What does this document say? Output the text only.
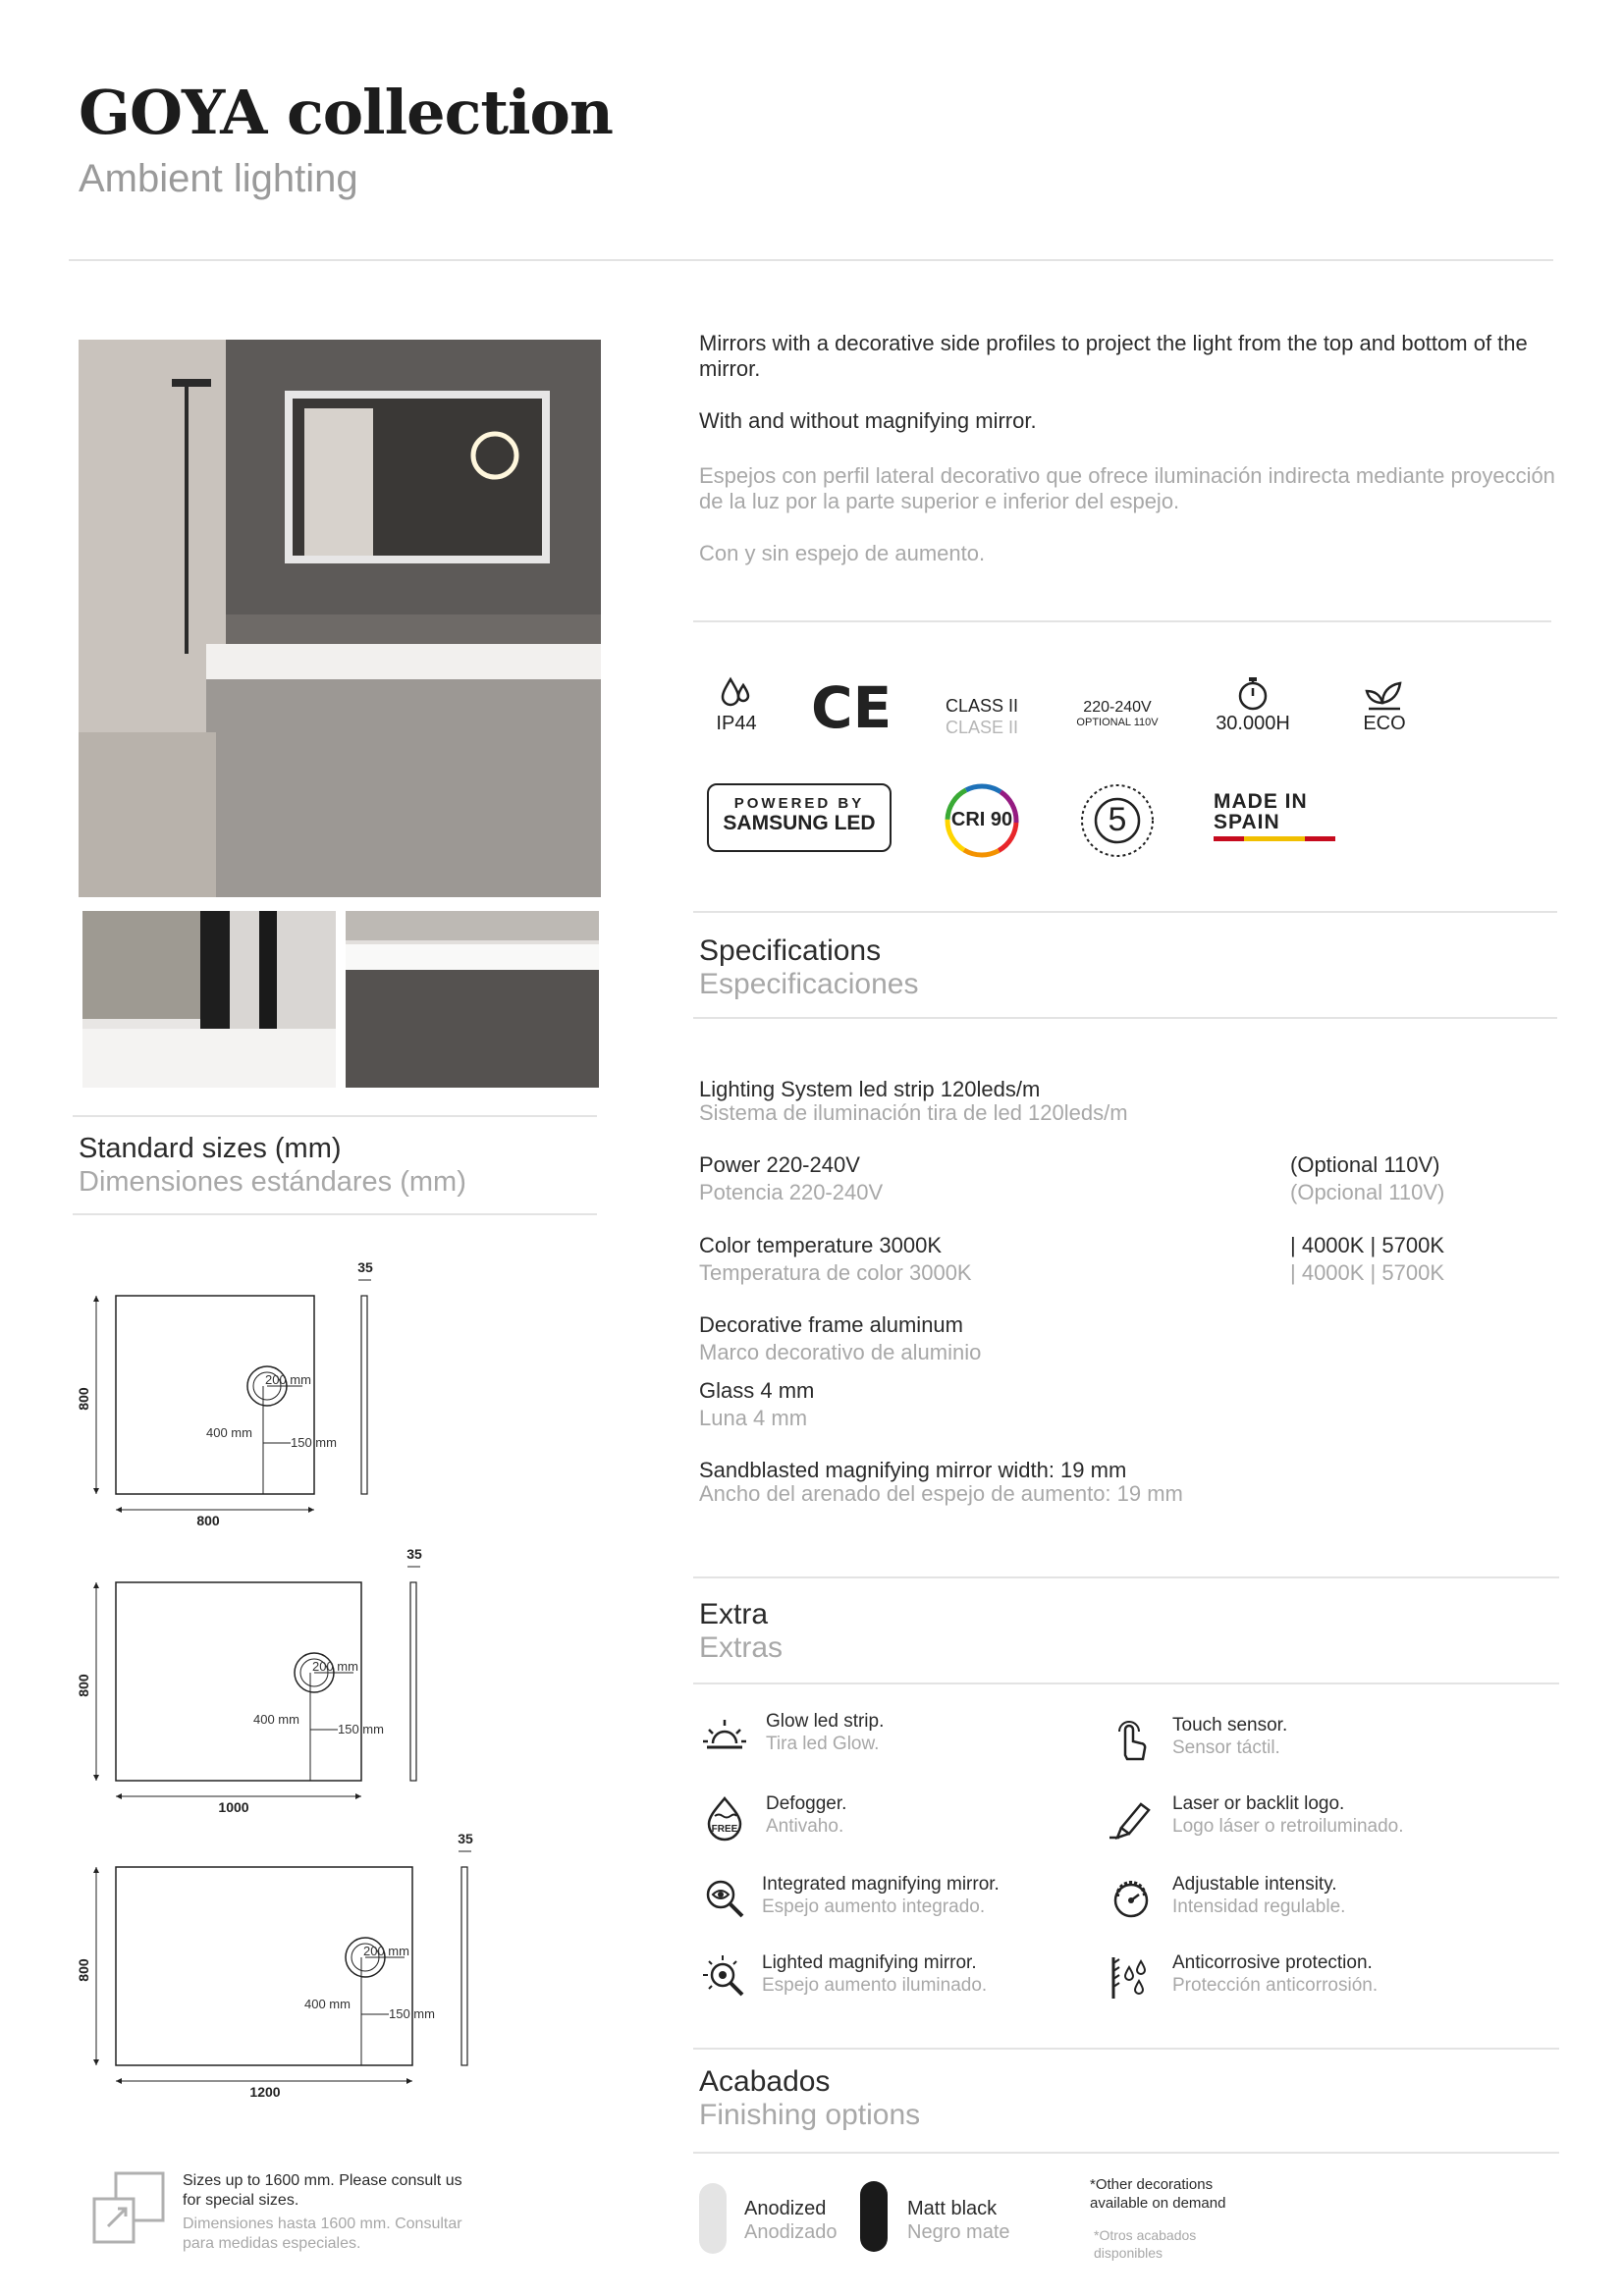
GOYA collection
Ambient lighting
Mirrors with a decorative side profiles to project the light from the top and bottom of the mirror.
With and without magnifying mirror.
Espejos con perfil lateral decorativo que ofrece iluminación indirecta mediante proyección de la luz por la parte superior e inferior del espejo.
Con y sin espejo de aumento.
IP44 CE	CLASS II
CLASE II
220-240V
OPTIONAL 110V	30.000H	ECO
POWERED BY
SAMSUNG LED	CRI 90	5	MADE IN
SPAIN
Specifications
Especificaciones
Lighting System led strip 120leds/m
Sistema de iluminación tira de led 120leds/m
Power 220-240V
Potencia 220-240V
(Optional 110V)
(Opcional 110V)
Color temperature 3000K
Temperatura de color 3000K
| 4000K | 5700K
| 4000K | 5700K
Decorative frame aluminum
Marco decorativo de aluminio
Glass 4 mm
Luna 4 mm
Sandblasted magnifying mirror width: 19 mm
Ancho del arenado del espejo de aumento: 19 mm
Extra
Extras
Glow led strip.
Tira led Glow.
Touch sensor.
Sensor táctil.
FREE
Defogger.
Antivaho.
Laser or backlit logo.
Logo láser o retroiluminado.
Integrated magnifying mirror.
Espejo aumento integrado.
Adjustable intensity.
Intensidad regulable.
Lighted magnifying mirror.
Espejo aumento iluminado.
Anticorrosive protection.
Protección anticorrosión.
Acabados
Finishing options
Anodized
Anodizado
Matt black
Negro mate
*Other decorations available on demand
*Otros acabados disponibles
Standard sizes (mm)
Dimensiones estándares (mm)
800
800
200 mm
400 mm
150 mm
35
800
1000
200 mm
400 mm
150 mm
35
800
1200
200 mm
400 mm
150 mm
35
Sizes up to 1600 mm. Please consult us for special sizes.
Dimensiones hasta 1600 mm. Consultar para medidas especiales.
